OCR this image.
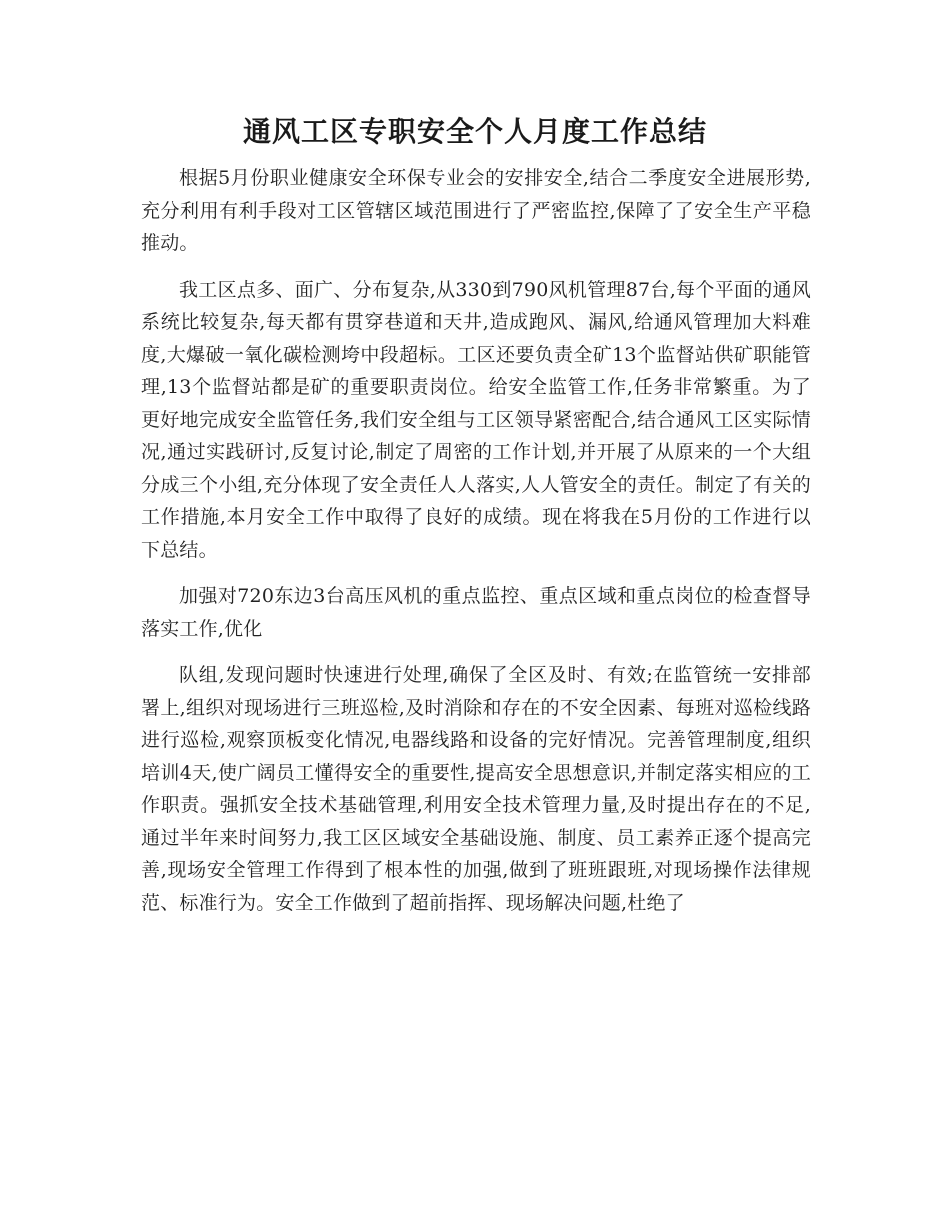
通风工区专职安全个人月度工作总结

根据5月份职业健康安全环保专业会的安排安全,结合二季度安全进展形势,充分利用有利手段对工区管辖区域范围进行了严密监控,保障了了安全生产平稳推动。

我工区点多、面广、分布复杂,从330到790风机管理87台,每个平面的通风系统比较复杂,每天都有贯穿巷道和天井,造成跑风、漏风,给通风管理加大料难度,大爆破一氧化碳检测垮中段超标。工区还要负责全矿13个监督站供矿职能管理,13个监督站都是矿的重要职责岗位。给安全监管工作,任务非常繁重。为了更好地完成安全监管任务,我们安全组与工区领导紧密配合,结合通风工区实际情况,通过实践研讨,反复讨论,制定了周密的工作计划,并开展了从原来的一个大组分成三个小组,充分体现了安全责任人人落实,人人管安全的责任。制定了有关的工作措施,本月安全工作中取得了良好的成绩。现在将我在5月份的工作进行以下总结。

加强对720东边3台高压风机的重点监控、重点区域和重点岗位的检查督导落实工作,优化

队组,发现问题时快速进行处理,确保了全区及时、有效;在监管统一安排部署上,组织对现场进行三班巡检,及时消除和存在的不安全因素、每班对巡检线路进行巡检,观察顶板变化情况,电器线路和设备的完好情况。完善管理制度,组织培训4天,使广阔员工懂得安全的重要性,提高安全思想意识,并制定落实相应的工作职责。强抓安全技术基础管理,利用安全技术管理力量,及时提出存在的不足,通过半年来时间努力,我工区区域安全基础设施、制度、员工素养正逐个提高完善,现场安全管理工作得到了根本性的加强,做到了班班跟班,对现场操作法律规范、标准行为。安全工作做到了超前指挥、现场解决问题,杜绝了
